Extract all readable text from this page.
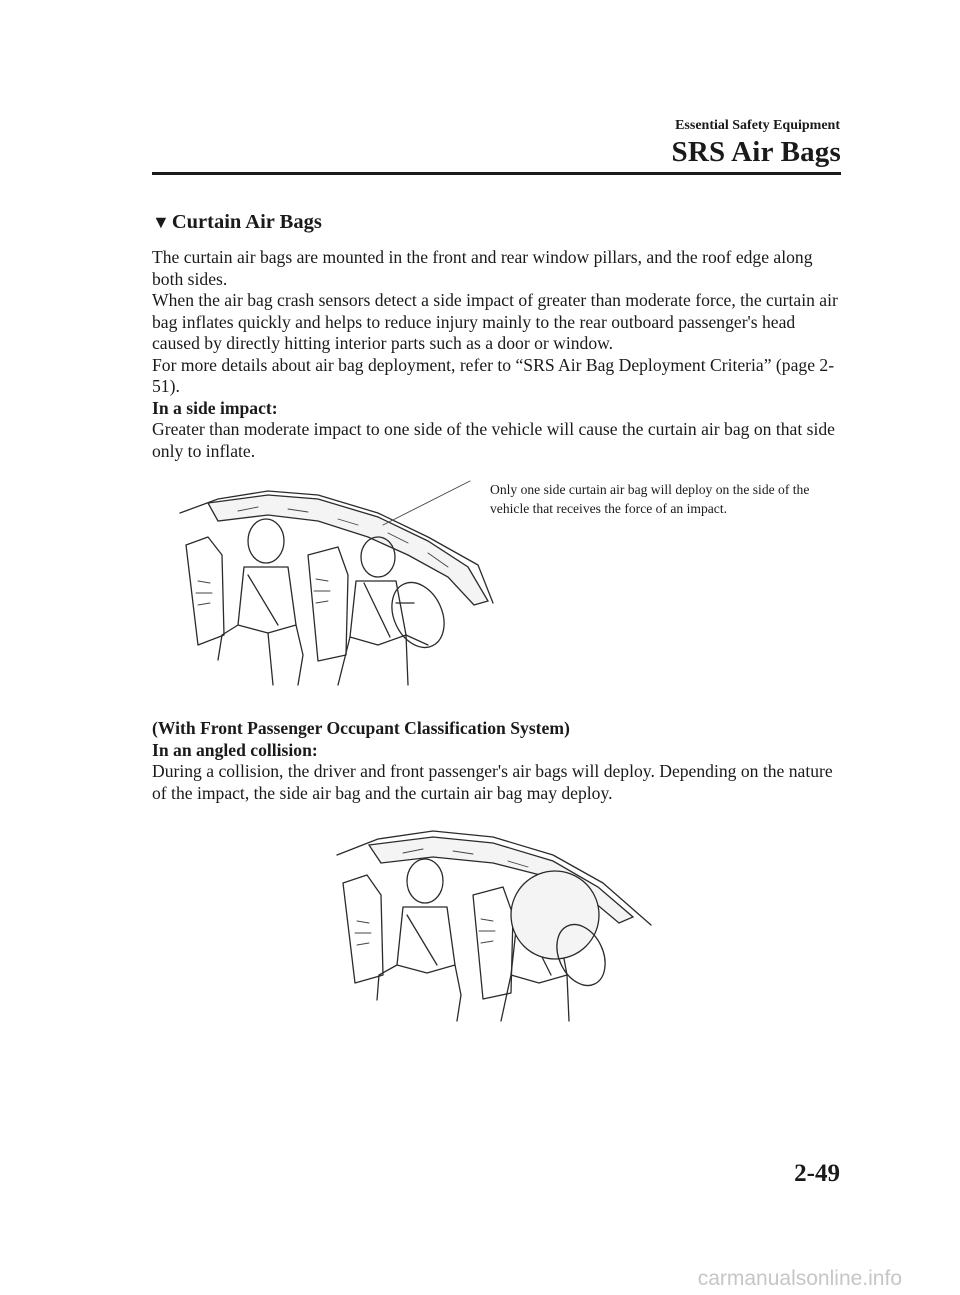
Essential Safety Equipment
SRS Air Bags
▼Curtain Air Bags

The curtain air bags are mounted in the front and rear window pillars, and the roof edge along both sides.

When the air bag crash sensors detect a side impact of greater than moderate force, the curtain air bag inflates quickly and helps to reduce injury mainly to the rear outboard passenger's head caused by directly hitting interior parts such as a door or window.

For more details about air bag deployment, refer to “SRS Air Bag Deployment Criteria” (page 2-51).

In a side impact:

Greater than moderate impact to one side of the vehicle will cause the curtain air bag on that side only to inflate.

Only one side curtain air bag will deploy on the side of the vehicle that receives the force of an impact.

(With Front Passenger Occupant Classification System)

In an angled collision:

During a collision, the driver and front passenger's air bags will deploy. Depending on the nature of the impact, the side air bag and the curtain air bag may deploy.

2-49
carmanualsonline.info
